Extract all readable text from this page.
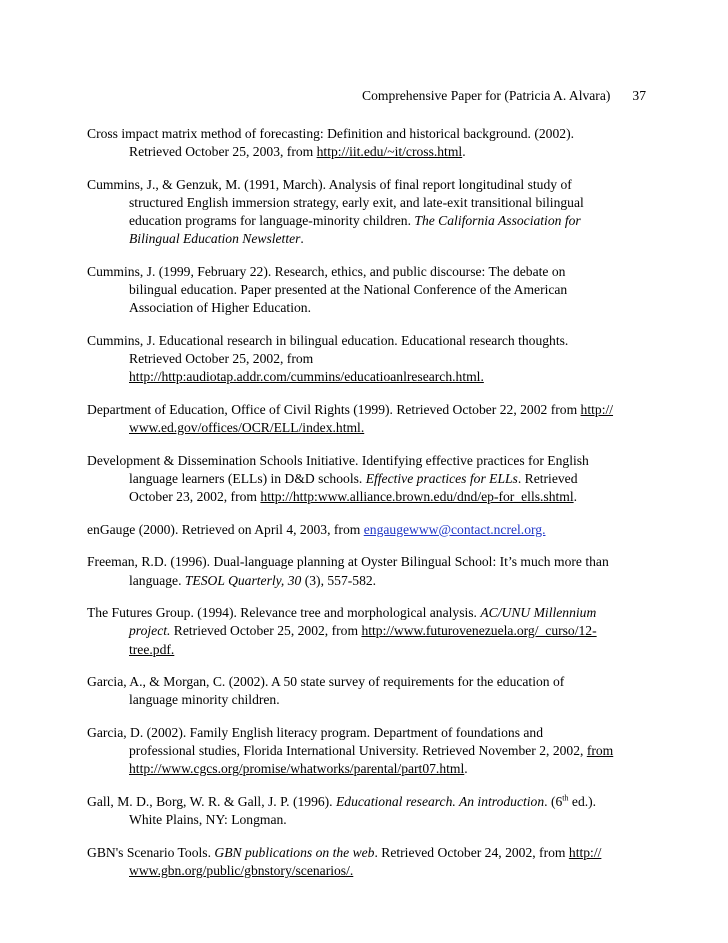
Comprehensive Paper for (Patricia A. Alvara) 37
Cross impact matrix method of forecasting: Definition and historical background. (2002).
Retrieved October 25, 2003, from http://iit.edu/~it/cross.html.
Cummins, J., & Genzuk, M. (1991, March). Analysis of final report longitudinal study of
structured English immersion strategy, early exit, and late-exit transitional bilingual
education programs for language-minority children. The California Association for
Bilingual Education Newsletter.
Cummins, J. (1999, February 22). Research, ethics, and public discourse: The debate on
bilingual education. Paper presented at the National Conference of the American
Association of Higher Education.
Cummins, J. Educational research in bilingual education. Educational research thoughts.
Retrieved October 25, 2002, from
http://http:audiotap.addr.com/cummins/educatioanlresearch.html.
Department of Education, Office of Civil Rights (1999). Retrieved October 22, 2002 from http://
www.ed.gov/offices/OCR/ELL/index.html.
Development & Dissemination Schools Initiative. Identifying effective practices for English
language learners (ELLs) in D&D schools. Effective practices for ELLs. Retrieved
October 23, 2002, from http://http:www.alliance.brown.edu/dnd/ep-for_ells.shtml.
enGauge (2000). Retrieved on April 4, 2003, from engaugewww@contact.ncrel.org.
Freeman, R.D. (1996). Dual-language planning at Oyster Bilingual School: It’s much more than
language. TESOL Quarterly, 30 (3), 557-582.
The Futures Group. (1994). Relevance tree and morphological analysis. AC/UNU Millennium
project. Retrieved October 25, 2002, from http://www.futurovenezuela.org/_curso/12-
tree.pdf.
Garcia, A., & Morgan, C. (2002). A 50 state survey of requirements for the education of
language minority children.
Garcia, D. (2002). Family English literacy program. Department of foundations and
professional studies, Florida International University. Retrieved November 2, 2002, from
http://www.cgcs.org/promise/whatworks/parental/part07.html.
Gall, M. D., Borg, W. R. & Gall, J. P. (1996). Educational research. An introduction. (6th ed.).
White Plains, NY: Longman.
GBN's Scenario Tools. GBN publications on the web. Retrieved October 24, 2002, from http://
www.gbn.org/public/gbnstory/scenarios/.
